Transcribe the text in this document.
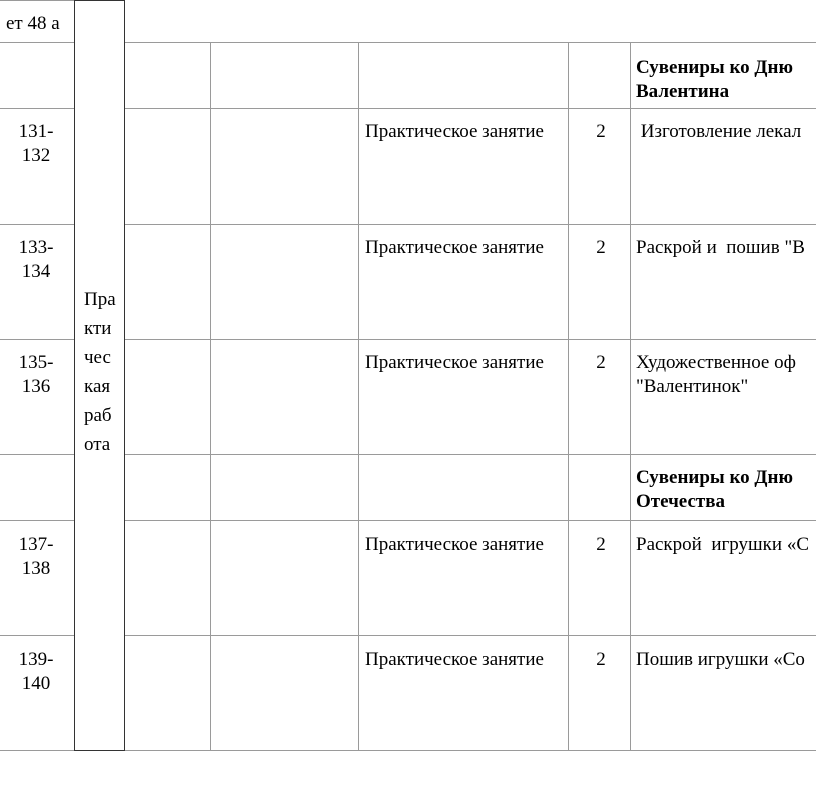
ет 48 а
Практическая работа
Сувениры ко Дню
Валентина
131-
132
Практическое занятие	2	Изготовление лекал
133-
134
Практическое занятие	2	Раскрой и  пошив "В
135-
136
Практическое занятие	2	Художественное оф
"Валентинок"
Сувениры ко Дню
Отечества
137-
138
Практическое занятие	2	Раскрой  игрушки «С
139-
140
Практическое занятие	2	Пошив игрушки «Со
